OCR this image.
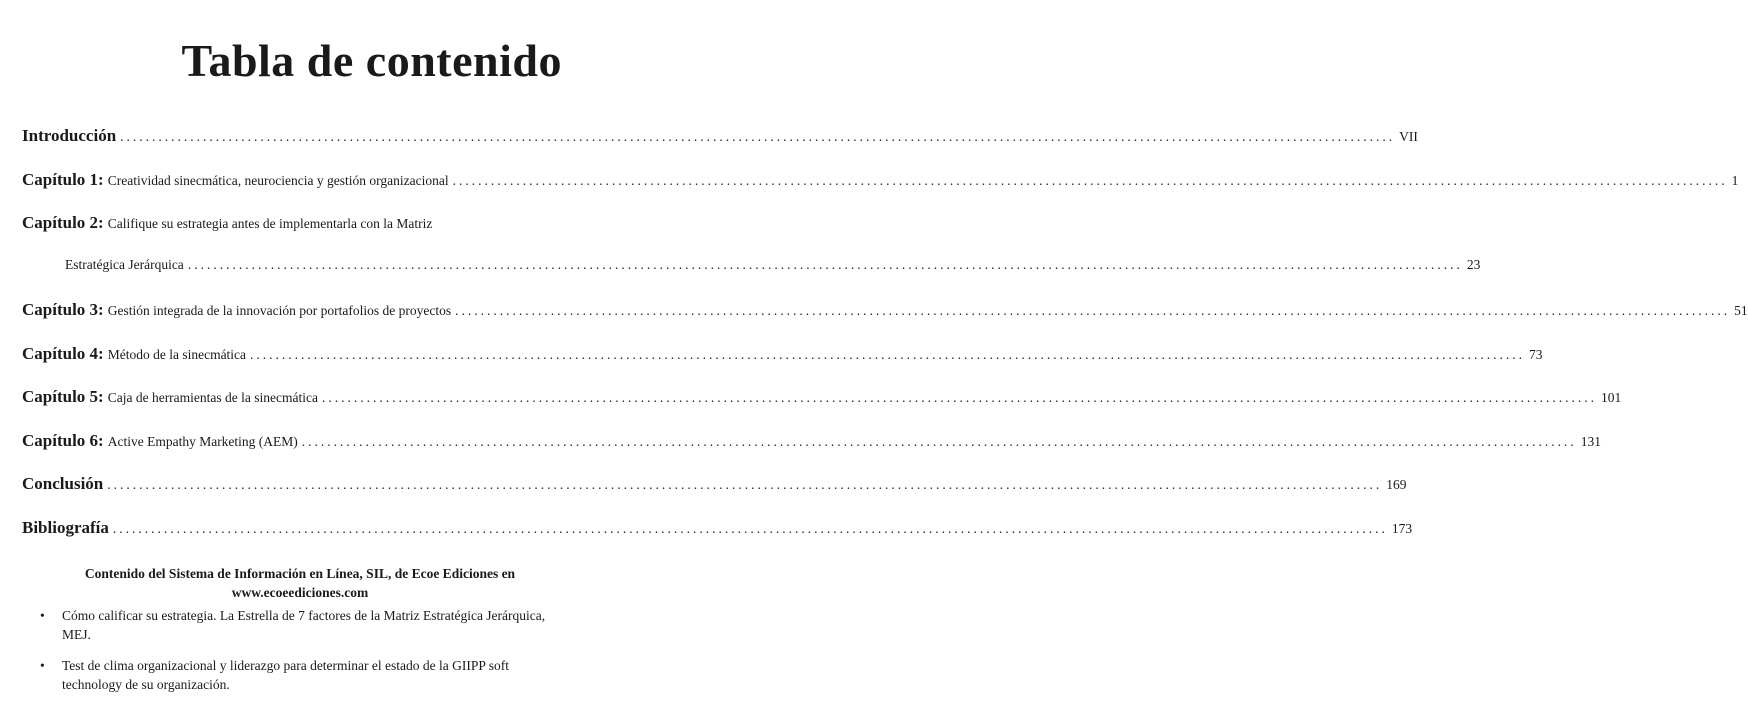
Tabla de contenido
Introducción ........................................................................................................................................................................................................ VII
Capítulo 1:
Creatividad sinecmática, neurociencia y gestión organizacional ........................................................................................................................................................................................................ 1
Capítulo 2:
Califique su estrategia antes de implementarla con la Matriz
Estratégica Jerárquica ........................................................................................................................................................................................................ 23
Capítulo 3:
Gestión integrada de la innovación por portafolios de proyectos ........................................................................................................................................................................................................ 51
Capítulo 4:
Método de la sinecmática ........................................................................................................................................................................................................ 73
Capítulo 5:
Caja de herramientas de la sinecmática ........................................................................................................................................................................................................ 101
Capítulo 6:
Active Empathy Marketing (AEM) ........................................................................................................................................................................................................ 131
Conclusión ........................................................................................................................................................................................................ 169
Bibliografía ........................................................................................................................................................................................................ 173
Contenido del Sistema de Información en Línea, SIL, de Ecoe Ediciones en
www.ecoeediciones.com
•	Cómo calificar su estrategia. La Estrella de 7 factores de la Matriz Estratégica Jerárquica, MEJ.
•	Test de clima organizacional y liderazgo para determinar el estado de la GIIPP soft technology de su organización.
